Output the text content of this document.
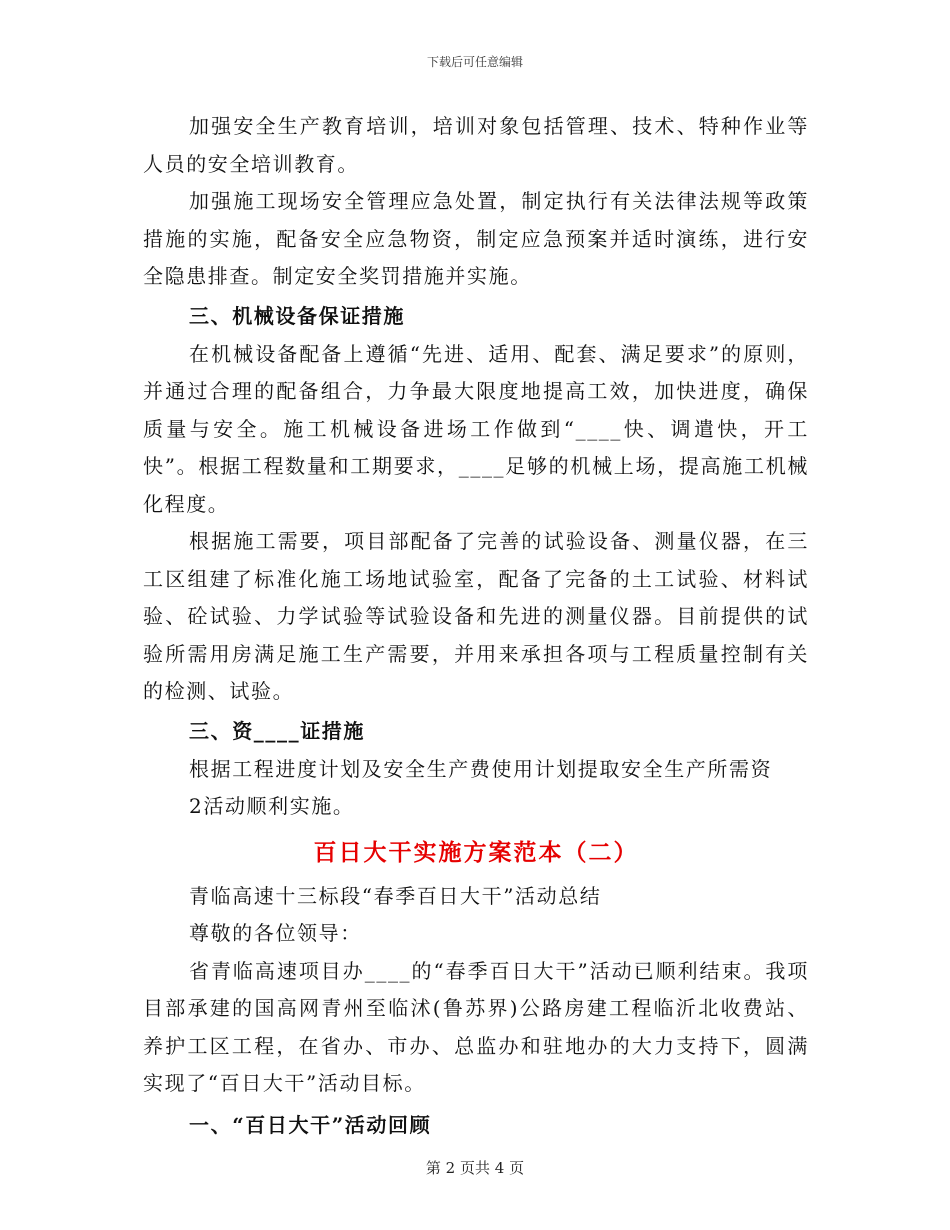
下载后可任意编辑

加强安全生产教育培训，培训对象包括管理、技术、特种作业等人员的安全培训教育。

加强施工现场安全管理应急处置，制定执行有关法律法规等政策措施的实施，配备安全应急物资，制定应急预案并适时演练，进行安全隐患排查。制定安全奖罚措施并实施。

三、机械设备保证措施

在机械设备配备上遵循“先进、适用、配套、满足要求”的原则，并通过合理的配备组合，力争最大限度地提高工效，加快进度，确保质量与安全。施工机械设备进场工作做到“____快、调遣快，开工快”。根据工程数量和工期要求，____足够的机械上场，提高施工机械化程度。

根据施工需要，项目部配备了完善的试验设备、测量仪器，在三工区组建了标准化施工场地试验室，配备了完备的土工试验、材料试验、砼试验、力学试验等试验设备和先进的测量仪器。目前提供的试验所需用房满足施工生产需要，并用来承担各项与工程质量控制有关的检测、试验。

三、资____证措施

根据工程进度计划及安全生产费使用计划提取安全生产所需资

2活动顺利实施。

百日大干实施方案范本（二）

青临高速十三标段“春季百日大干”活动总结

尊敬的各位领导：

省青临高速项目办____的“春季百日大干”活动已顺利结束。我项目部承建的国高网青州至临沭(鲁苏界)公路房建工程临沂北收费站、养护工区工程，在省办、市办、总监办和驻地办的大力支持下，圆满实现了“百日大干”活动目标。

一、“百日大干”活动回顾

第 2 页共 4 页
